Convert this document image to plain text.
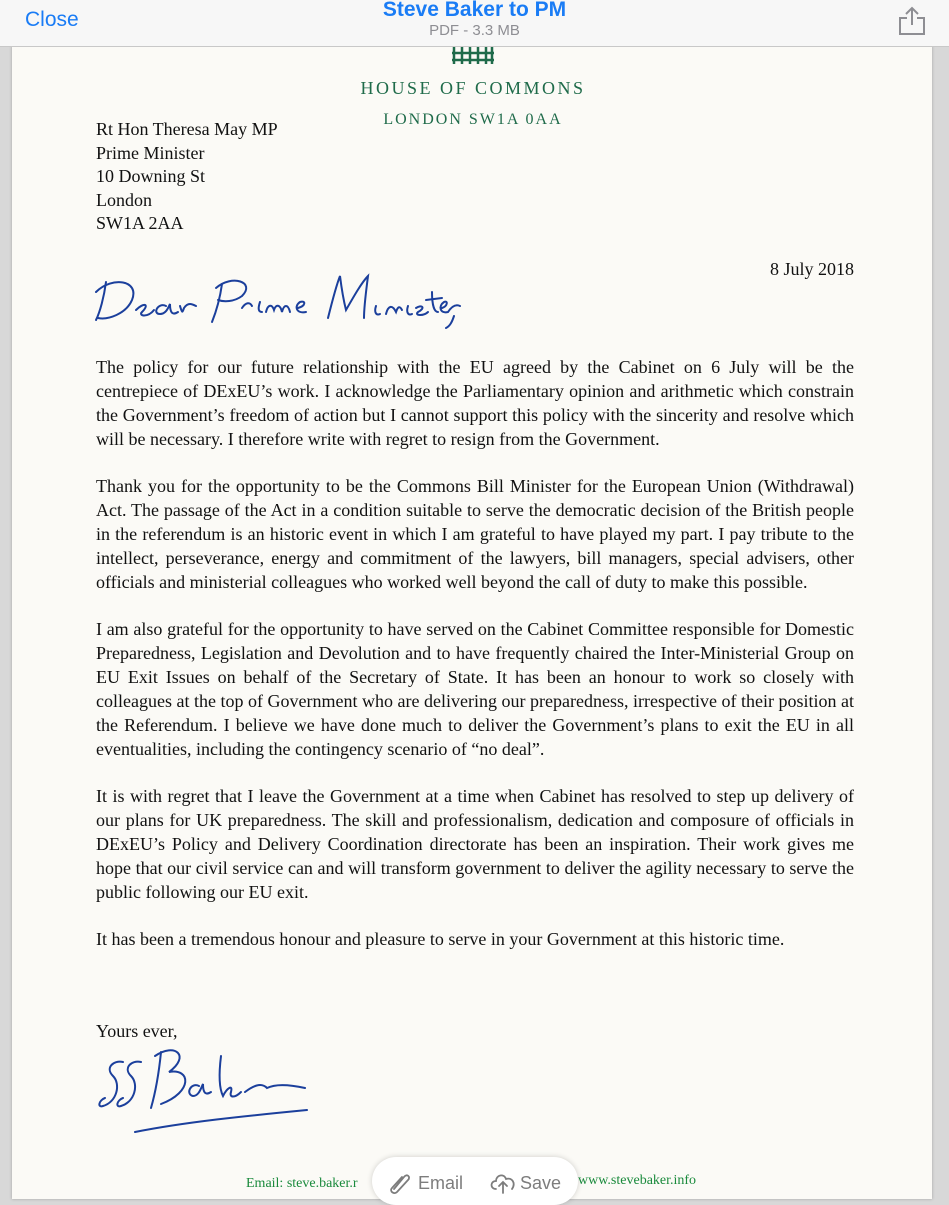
Close	Steve Baker to PM
PDF - 3.3 MB
HOUSE OF COMMONS
LONDON SW1A 0AA
Rt Hon Theresa May MP
Prime Minister
10 Downing St
London
SW1A 2AA
8 July 2018

The policy for our future relationship with the EU agreed by the Cabinet on 6 July will be the centrepiece of DExEU’s work. I acknowledge the Parliamentary opinion and arithmetic which constrain the Government’s freedom of action but I cannot support this policy with the sincerity and resolve which will be necessary. I therefore write with regret to resign from the Government.

Thank you for the opportunity to be the Commons Bill Minister for the European Union (Withdrawal) Act. The passage of the Act in a condition suitable to serve the democratic decision of the British people in the referendum is an historic event in which I am grateful to have played my part. I pay tribute to the intellect, perseverance, energy and commitment of the lawyers, bill managers, special advisers, other officials and ministerial colleagues who worked well beyond the call of duty to make this possible.

I am also grateful for the opportunity to have served on the Cabinet Committee responsible for Domestic Preparedness, Legislation and Devolution and to have frequently chaired the Inter-Ministerial Group on EU Exit Issues on behalf of the Secretary of State. It has been an honour to work so closely with colleagues at the top of Government who are delivering our preparedness, irrespective of their position at the Referendum. I believe we have done much to deliver the Government’s plans to exit the EU in all eventualities, including the contingency scenario of “no deal”.

It is with regret that I leave the Government at a time when Cabinet has resolved to step up delivery of our plans for UK preparedness. The skill and professionalism, dedication and composure of officials in DExEU’s Policy and Delivery Coordination directorate has been an inspiration. Their work gives me hope that our civil service can and will transform government to deliver the agility necessary to serve the public following our EU exit.

It has been a tremendous honour and pleasure to serve in your Government at this historic time.

Yours ever,
Email: steve.baker.r	www.stevebaker.info
Email	Save
